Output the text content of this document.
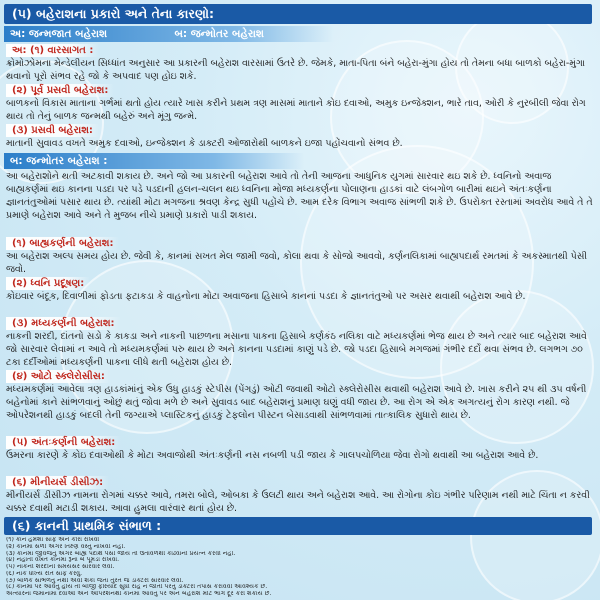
(૫) બહેરાશના પ્રકારો અને તેના કારણો:
અ: જન્મજાત બહેરાશ	બ: જન્મોતર બહેરાશ
અ: (૧) વારસાગત :
ક્રોમોઝોમના મેન્ડેલીયન સિધ્ધાંત અનુસાર આ પ્રકારની બહેરાશ વારસામાં ઉતરે છે. જેમકે, માતા-પિતા બંને બહેરા-મુંગા હોય તો તેમના બધા બાળકો બહેરા-મુંગા થવાનો પૂરો સંભવ રહે જો કે અપવાદ પણ હોઇ શકે.
(૨) પૂર્વ પ્રસવી બહેરાશ:
બાળકનો વિકાસ માતાના ગર્ભમાં થતો હોય ત્યારે ખાસ કરીને પ્રથમ ત્રણ માસમાં માતાને કોઇ દવાઓ, અમુક ઇન્જેક્શન, ભારે તાવ, ઓરી કે નુરબીલી જેવા રોગ થાય તો તેનું બાળક જન્મથી બહેરું અને મૂંગુ જન્મે.
(૩) પ્રસવી બહેરાશ:
માતાની સુવાવડ વખતે અમુક દવાઓ, ઇન્જેક્શન કે ડાક્ટરી ઓજારોથી બાળકને ઇજા પહોંચવાનો સંભવ છે.
બ: જન્મોતર બહેરાશ :
આ બહેરાશોને થતી અટકાવી શકાય છે. અને જો આ પ્રકારની બહેરાશ આવે તો તેની આજના આધુનિક યુગમાં સારવાર થઇ શકે છે. ધ્વનિનો અવાજ બાહ્યકર્ણમાં થઇ કાનના પડદા પર પડે પડદાની હલન-ચલન થઇ ધ્વનિના મોજા મધ્યકર્ણના પોલાણના હાડકાં વાટે લંબગોળ બારીમાં થઇને અંતઃકર્ણના જ્ઞાનતંતુઓમાં પસાર થાય છે. ત્યાંથી મોટા મગજના શ્રવણ કેન્દ્ર સુધી પહોંચે છે. આમ દરેક વિભાગ અવાજ સાંભળી શકે છે. ઉપરોક્ત રસ્તામાં અવરોધ આવે તે તે પ્રમાણે બહેરાશ આવે અને તે મુજબ નીચે પ્રમાણે પ્રકારો પાડી શકાય.
(૧) બાહ્યકર્ણની બહેરાશ:
આ બહેરાશ અલ્પ સમય હોય છે. જેવી કે, કાનમાં સખત મેલ જામી જવો, કોલા થવા કે સોજો આવવો, કર્ણનલિકામાં બાહ્યપદાર્થ રમતમાં કે અકસ્માતથી પેસી જવો.
(૨) ધ્વનિ પ્રદૂષણ:
કોઇવાર બંદૂક, દિવાળીમાં ફોડતા ફટાકડા કે વાહનોના મોટા અવાજના હિસાબે કાનનાં પડદા કે જ્ઞાનતંતુઓ પર અસર થવાથી બહેરાશ આવે છે.
(૩) મધ્યકર્ણની બહેરાશ:
નાકની શરદી, દાંતનો સડો કે કાકડા અને નાકની પાછળના મસાના પાકના હિસાબે કર્ણકંઠ નલિકા વાટે મધ્યકર્ણમાં ભેજ થાય છે અને ત્યાર બાદ બહેરાશ આવે જો સારવાર લેવામાં ન આવે તો મધ્યમકર્ણમાં પરુ થાય છે અને કાનના પડદામાં કાણું પડે છે. જો પડદા હિસાબે મગજમાં ગંભીર દર્દો થવા સંભવ છે. લગભગ ૭૦ ટકા દર્દીઓમાં મધ્યકર્ણની પાકના લીધે થતી બહેરાશ હોય છે.
(૪) ઓટો સ્ક્લેરોસીસ:
મધ્યમકર્ણમાં આવેલા ત્રણ હાડકાંમાંનું એક ઉંધુ હાડકું સ્ટેપીસ (પેંગડું) ઓટી જવાથી ઓટો સ્ક્લેરોસીસ થવાથી બહેરાશ આવે છે. ખાસ કરીને ૨૫ થી ૩૫ વર્ષની બહેનોમાં કાને સાંભળવાનું ઓછું થતું જોવા મળે છે અને સુવાવડ બાદ બહેરાશનું પ્રમાણ ઘણું વધી જાય છે. આ રોગ એ એક અગત્યનું રોગ કારણ નથી. જે ઓપરેશનથી હાડકું બદલી તેની જગ્યાએ પ્લાસ્ટિકનું હાડકું ટેફલોન પીસ્ટન બેસાડવાથી સાંભળવામાં તાત્કાલિક સુધારો થાય છે.
(૫) અંતઃકર્ણની બહેરાશ:
ઉંમરના કારણે કે કોઇ દવાઓથી કે મોટા અવાજોથી અંતઃકર્ણની નસ નબળી પડી જાય કે ગાલપચોળિયા જેવા રોગો થવાથી આ બહેરાશ આવે છે.
(૬) મીનીયર્સ ડીસીઝ:
મીનીયર્સ ડીસીઝ નામના રોગમાં ચક્કર આવે, તમરા બોલે, ઓબકા કે ઉલટી થાય અને બહેરાશ આવે. આ રોગોના કોઇ ગંભીર પરિણામ નથી માટે ચિંતા ન કરવી ચક્કર દવાથી મટાડી શકાય. આવા હુમલા વારંવાર થતાં હોય છે.
(૬) કાનની પ્રાથમિક સંભાળ :
(૧) કાન હંમેશા સાફ અને કોરા રાખવો
(૨) કાનમાં સળી અગર તિક્ષ્ણ વસ્તુ નાખવી નહીં.
(૩) કાનમાં જીવજંતુ અગર બાહ્ય પદાર્થ પેસી જાય તો ઉતાવળથી કાઢવાનો પ્રયત્ન કરવો નહીં.
(૪) નહાતી વખતે કાનમાં રૂનાં બે પૂંમડા રાખવા.
(૫) નાકની શરદીની સમયસર સારવાર લેવી.
(૬) નાક ધોખ્ય રીતે સાફ કરવું.
(૭) બાળક સાંભળતું નથી એવી શંકા જતાં તુરત જ ડાક્ટરી સારવાર લેવી.
(૮) કાનમાં પર આવતું હોય તો બીજી ફરિયાદ સુધી રાહ ન જોતી પરંતુ ડાક્ટરી તપાસ કરાવવી આવશ્યક છે.
અત્યારના જમાનામાં દવાઓ અને ઓપરેશનથી કાનમાં આવતું પર અને બહેરાશ મોટે ભાગે દૂર કરી શકાય છે.
